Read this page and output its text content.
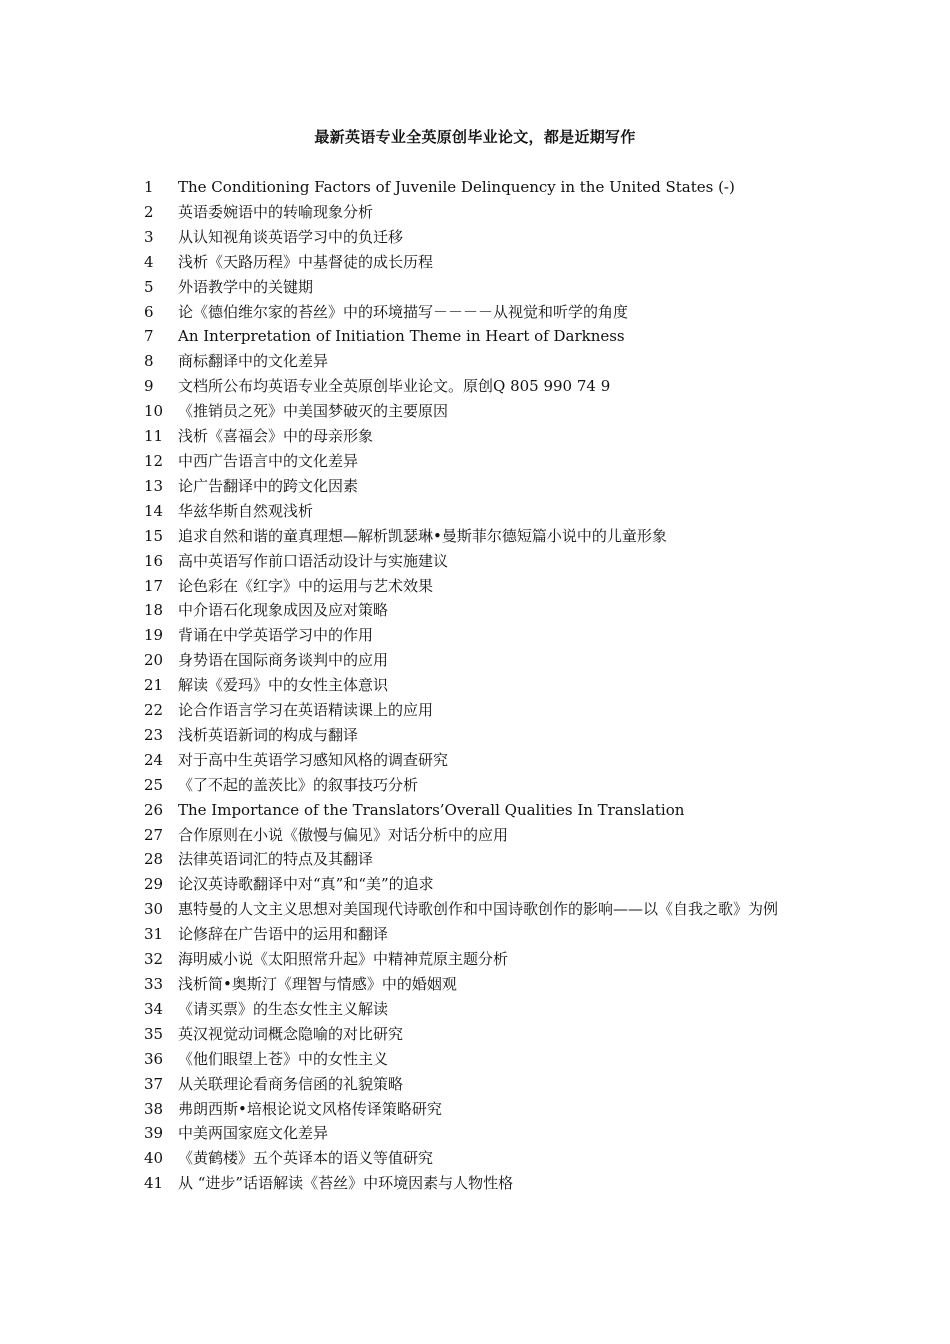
最新英语专业全英原创毕业论文，都是近期写作
1 The Conditioning Factors of Juvenile Delinquency in the United States (-)
2 英语委婉语中的转喻现象分析
3 从认知视角谈英语学习中的负迁移
4 浅析《天路历程》中基督徒的成长历程
5 外语教学中的关键期
6 论《德伯维尔家的苔丝》中的环境描写－－－－从视觉和听学的角度
7 An Interpretation of Initiation Theme in Heart of Darkness
8 商标翻译中的文化差异
9 文档所公布均英语专业全英原创毕业论文。原创Q 805 990 74 9
10 《推销员之死》中美国梦破灭的主要原因
11 浅析《喜福会》中的母亲形象
12 中西广告语言中的文化差异
13 论广告翻译中的跨文化因素
14 华兹华斯自然观浅析
15 追求自然和谐的童真理想—解析凯瑟琳•曼斯菲尔德短篇小说中的儿童形象
16 高中英语写作前口语活动设计与实施建议
17 论色彩在《红字》中的运用与艺术效果
18 中介语石化现象成因及应对策略
19 背诵在中学英语学习中的作用
20 身势语在国际商务谈判中的应用
21 解读《爱玛》中的女性主体意识
22 论合作语言学习在英语精读课上的应用
23 浅析英语新词的构成与翻译
24 对于高中生英语学习感知风格的调查研究
25 《了不起的盖茨比》的叙事技巧分析
26 The Importance of the Translators’Overall Qualities In Translation
27 合作原则在小说《傲慢与偏见》对话分析中的应用
28 法律英语词汇的特点及其翻译
29 论汉英诗歌翻译中对“真”和“美”的追求
30 惠特曼的人文主义思想对美国现代诗歌创作和中国诗歌创作的影响——以《自我之歌》为例
31 论修辞在广告语中的运用和翻译
32 海明威小说《太阳照常升起》中精神荒原主题分析
33 浅析简•奥斯汀《理智与情感》中的婚姻观
34 《请买票》的生态女性主义解读
35 英汉视觉动词概念隐喻的对比研究
36 《他们眼望上苍》中的女性主义
37 从关联理论看商务信函的礼貌策略
38 弗朗西斯•培根论说文风格传译策略研究
39 中美两国家庭文化差异
40 《黄鹤楼》五个英译本的语义等值研究
41 从 “进步”话语解读《苔丝》中环境因素与人物性格
